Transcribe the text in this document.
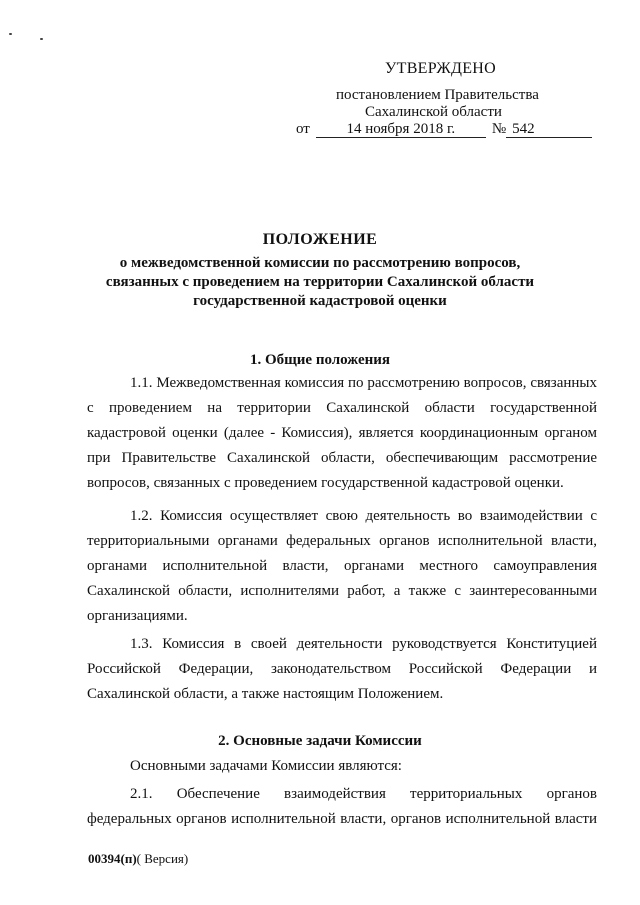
УТВЕРЖДЕНО
постановлением Правительства
Сахалинской области
от 14 ноября 2018 г. № 542
ПОЛОЖЕНИЕ
о межведомственной комиссии по рассмотрению вопросов,
связанных с проведением на территории Сахалинской области
государственной кадастровой оценки
1. Общие положения
1.1. Межведомственная комиссия по рассмотрению вопросов, связанных
с проведением на территории Сахалинской области государственной
кадастровой оценки (далее - Комиссия), является координационным органом
при Правительстве Сахалинской области, обеспечивающим рассмотрение
вопросов, связанных с проведением государственной кадастровой оценки.
1.2. Комиссия осуществляет свою деятельность во взаимодействии с
территориальными органами федеральных органов исполнительной власти,
органами исполнительной власти, органами местного самоуправления
Сахалинской области, исполнителями работ, а также с заинтересованными
организациями.
1.3. Комиссия в своей деятельности руководствуется Конституцией
Российской Федерации, законодательством Российской Федерации и
Сахалинской области, а также настоящим Положением.
2. Основные задачи Комиссии
Основными задачами Комиссии являются:
2.1. Обеспечение взаимодействия территориальных органов
федеральных органов исполнительной власти, органов исполнительной власти
00394(п)( Версия)
